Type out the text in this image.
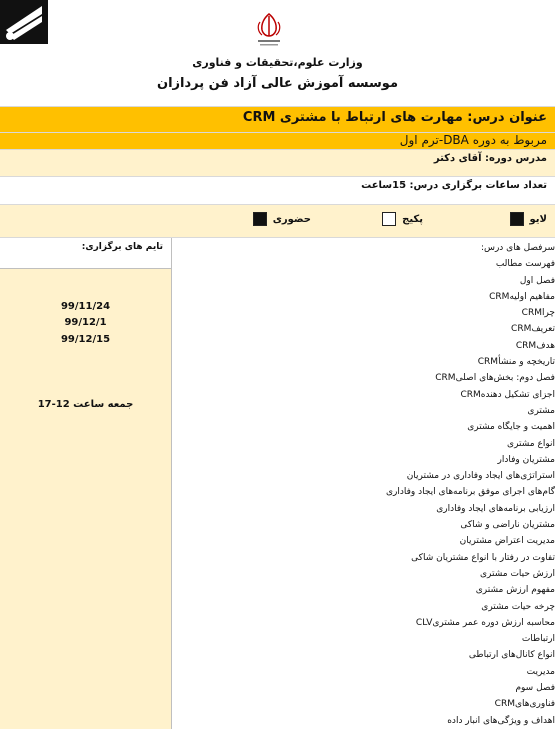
وزارت علوم،تحقیقات و فناوری
موسسه آموزش عالی آزاد فن پردازان
عنوان درس: مهارت های ارتباط با مشتری CRM
مربوط به دوره DBA-ترم اول
مدرس دوره: آقای دکتر
تعداد ساعات برگزاری درس: 15ساعت
لایو
پکیج
حضوری
تایم های برگزاری:
99/11/24
99/12/1
99/12/15
جمعه ساعت 12-17
سرفصل های درس:
فهرست مطالب
فصل اول
مفاهیم اولیهCRM
چراCRM
تعریفCRM
هدفCRM
تاریخچه و منشأCRM
فصل دوم: بخش‌های اصلیCRM
اجزای تشکیل دهندهCRM
مشتری
اهمیت و جایگاه مشتری
انواع مشتری
مشتریان وفادار
استراتژی‌های ایجاد وفاداری در مشتریان
گام‌های اجرای موفق برنامه‌های ایجاد وفاداری
ارزیابی برنامه‌های ایجاد وفاداری
مشتریان ناراضی و شاکی
مدیریت اعتراض مشتریان
تفاوت در رفتار با انواع مشتریان شاکی
ارزش حیات مشتری
مفهوم ارزش مشتری
چرخه حیات مشتری
محاسبه ارزش دوره عمر مشتریCLV
ارتباطات
انواع کانال‌های ارتباطی
مدیریت
فصل سوم
فناوری‌هایCRM
اهداف و ویژگی‌های انبار داده
